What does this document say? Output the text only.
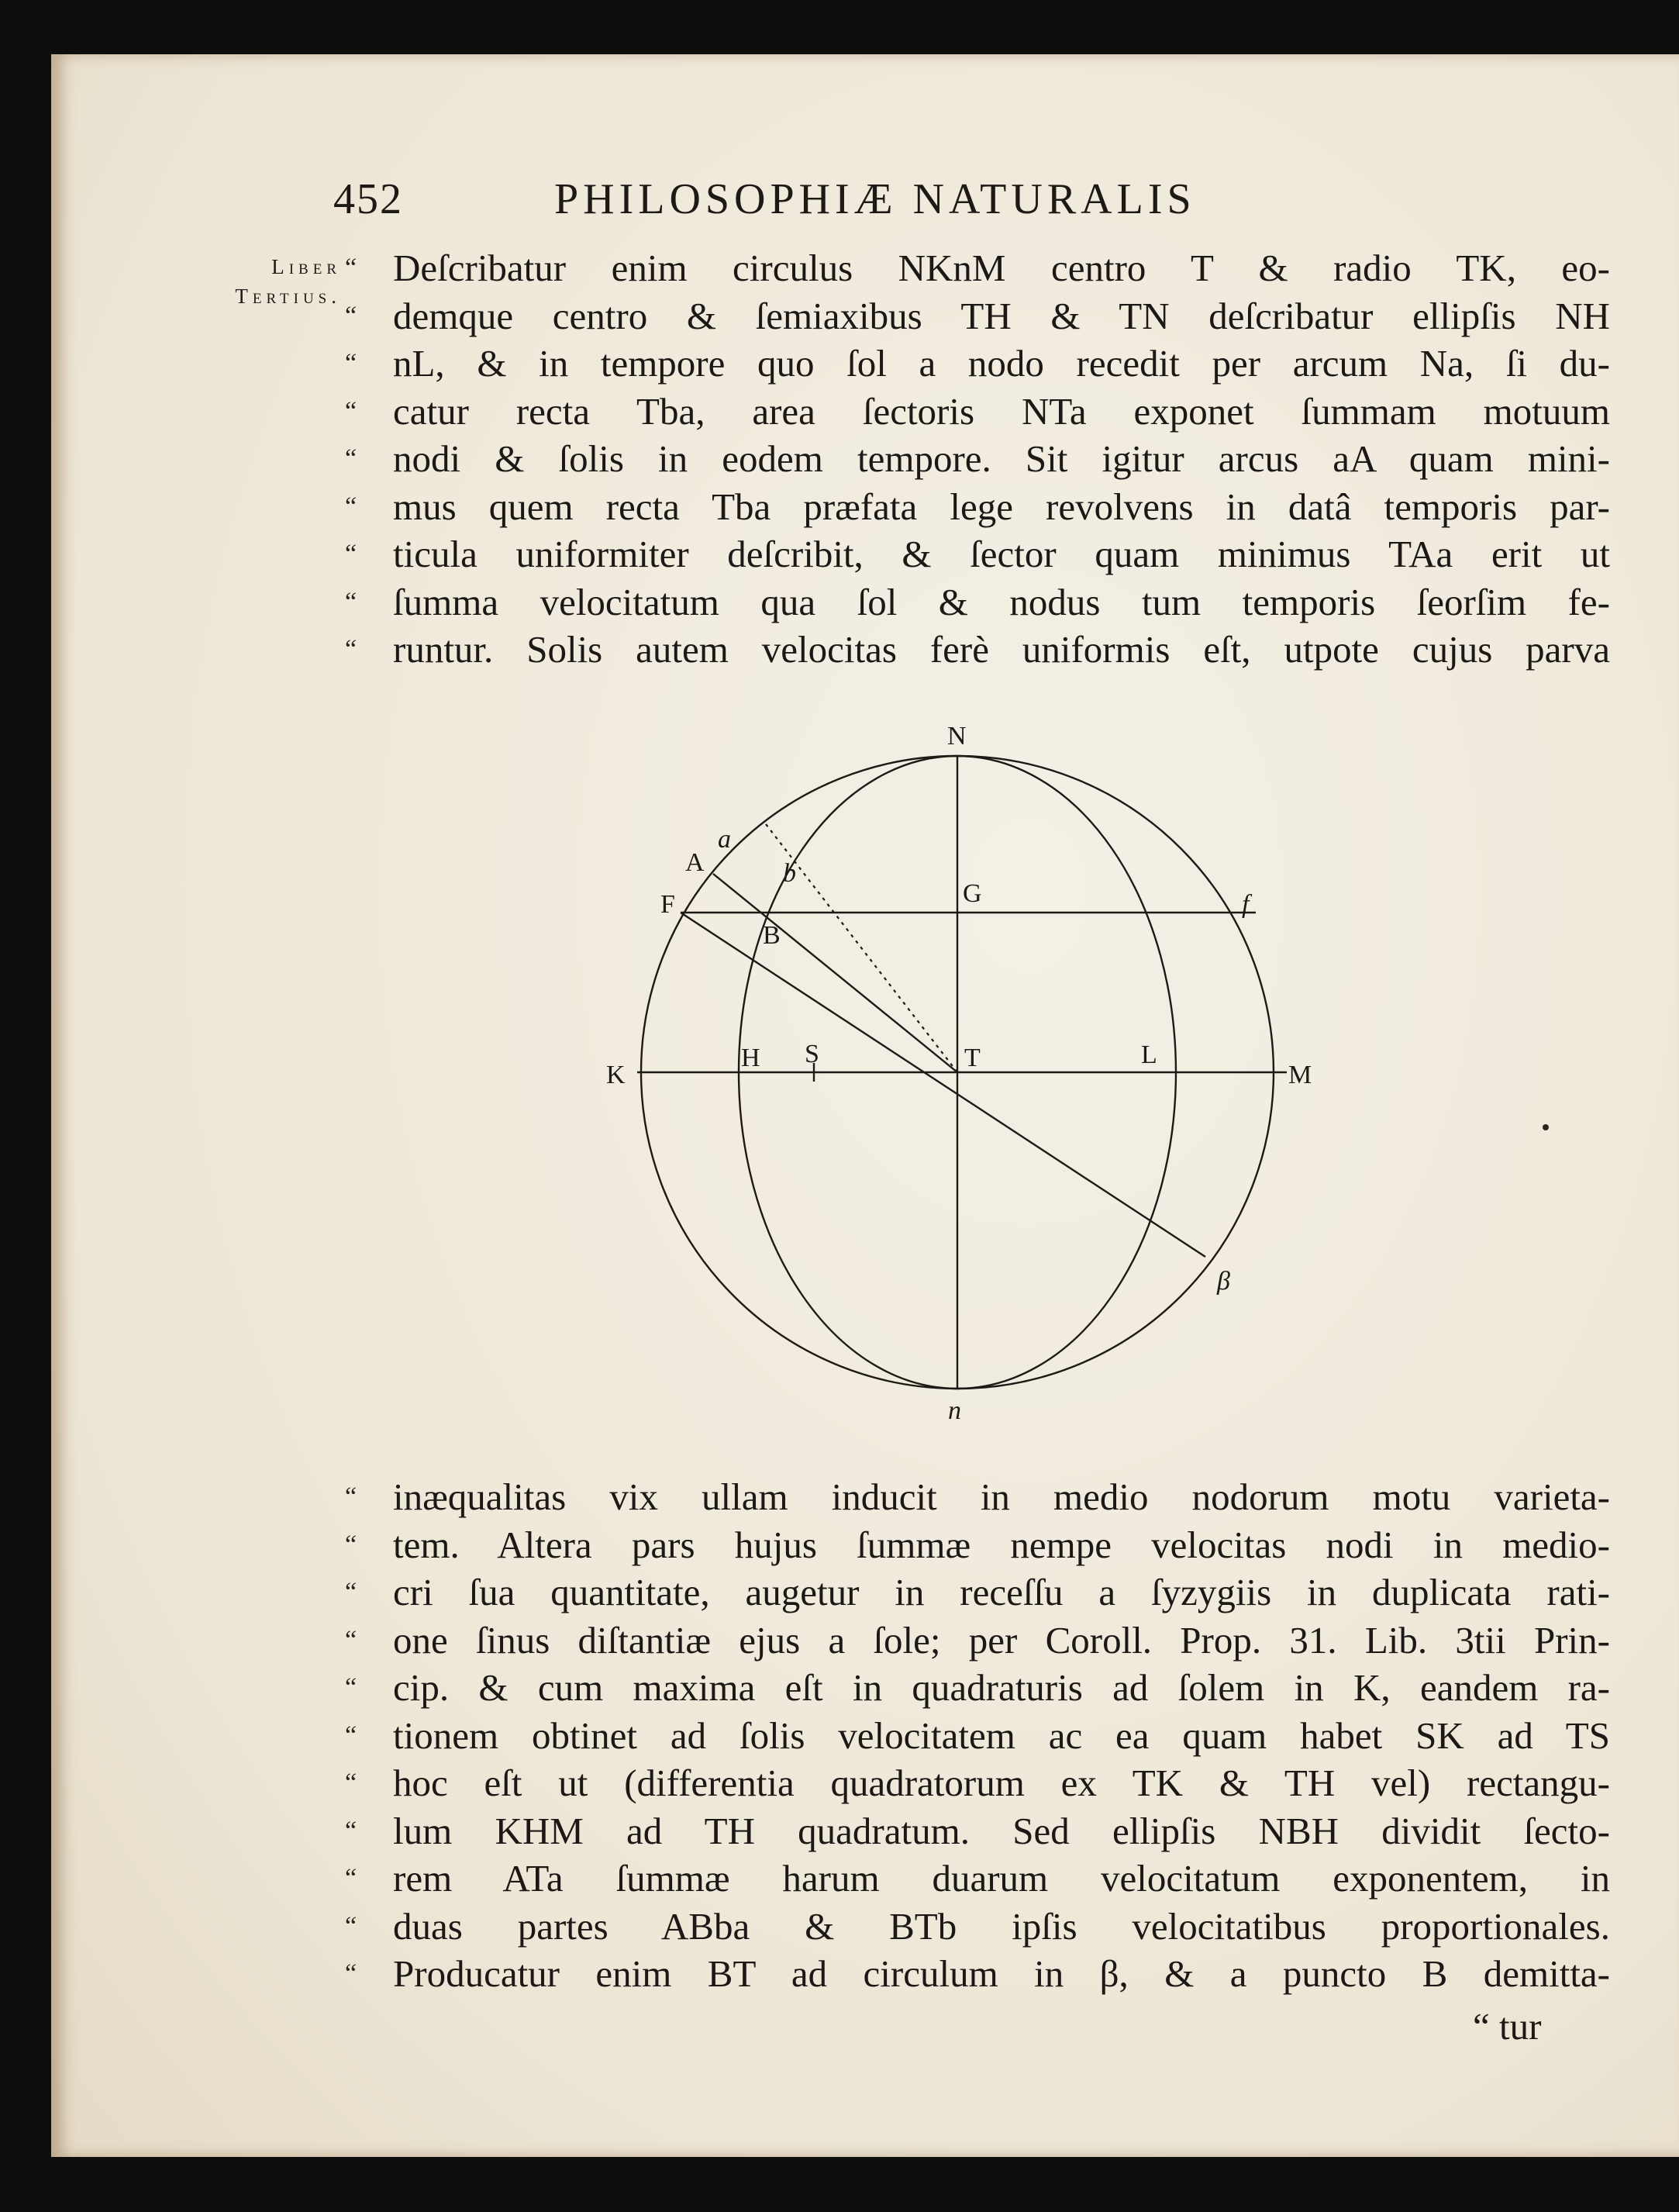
452	PHILOSOPHIÆ NATURALIS
Liber
Tertius.
“ Deſcribatur enim circulus NKnM centro T & radio TK, eo-
“ demque centro & ſemiaxibus TH & TN deſcribatur ellipſis NH
“ nL, & in tempore quo ſol a nodo recedit per arcum Na, ſi du-
“ catur recta Tba, area ſectoris NTa exponet ſummam motuum
“ nodi & ſolis in eodem tempore. Sit igitur arcus aA quam mini-
“ mus quem recta Tba præfata lege revolvens in datâ temporis par-
“ ticula uniformiter deſcribit, & ſector quam minimus TAa erit ut
“ ſumma velocitatum qua ſol & nodus tum temporis ſeorſim fe-
“ runtur. Solis autem velocitas ferè uniformis eſt, utpote cujus parva
N
n
K	M
T
H S	L
G
F	f
A
a
B
b
β
“ inæqualitas vix ullam inducit in medio nodorum motu varieta-
“ tem. Altera pars hujus ſummæ nempe velocitas nodi in medio-
“ cri ſua quantitate, augetur in receſſu a ſyzygiis in duplicata rati-
“ one ſinus diſtantiæ ejus a ſole; per Coroll. Prop. 31. Lib. 3tii Prin-
“ cip. & cum maxima eſt in quadraturis ad ſolem in K, eandem ra-
“ tionem obtinet ad ſolis velocitatem ac ea quam habet SK ad TS
“ hoc eſt ut (differentia quadratorum ex TK & TH vel) rectangu-
“ lum KHM ad TH quadratum. Sed ellipſis NBH dividit ſecto-
“ rem ATa ſummæ harum duarum velocitatum exponentem, in
“ duas partes ABba & BTb ipſis velocitatibus proportionales.
“ Producatur enim BT ad circulum in β, & a puncto B demitta-
“ tur
